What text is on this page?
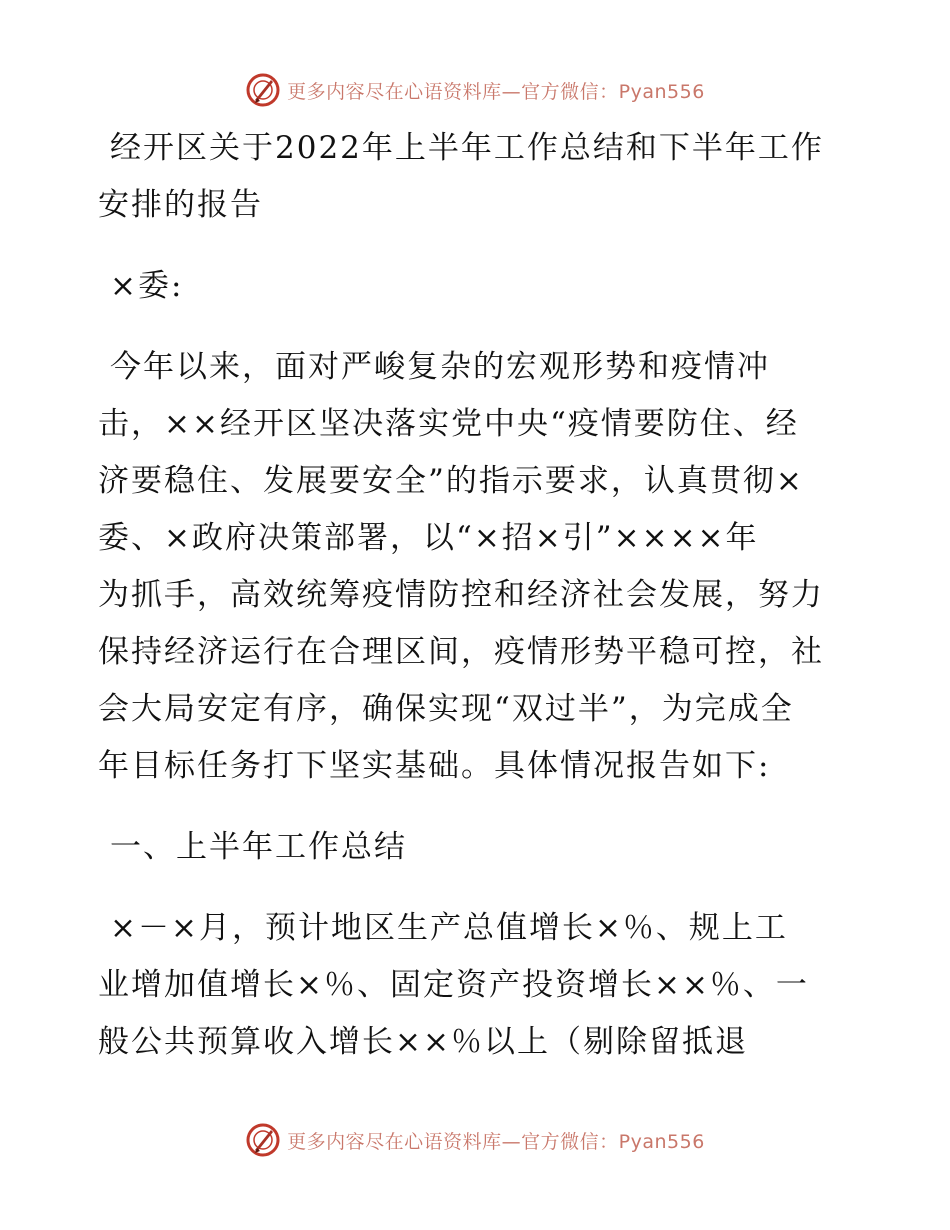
更多内容尽在心语资料库—官方微信：Pyan556
经开区关于2022年上半年工作总结和下半年工作
安排的报告
×委:
今年以来，面对严峻复杂的宏观形势和疫情冲
击，××经开区坚决落实党中央“疫情要防住、经
济要稳住、发展要安全”的指示要求，认真贯彻×
委、×政府决策部署，以“×招×引”××××年
为抓手，高效统筹疫情防控和经济社会发展，努力
保持经济运行在合理区间，疫情形势平稳可控，社
会大局安定有序，确保实现“双过半”，为完成全
年目标任务打下坚实基础。具体情况报告如下:
一、上半年工作总结
×－×月，预计地区生产总值增长×％、规上工
业增加值增长×％、固定资产投资增长××％、一
般公共预算收入增长××％以上（剔除留抵退
更多内容尽在心语资料库—官方微信：Pyan556
